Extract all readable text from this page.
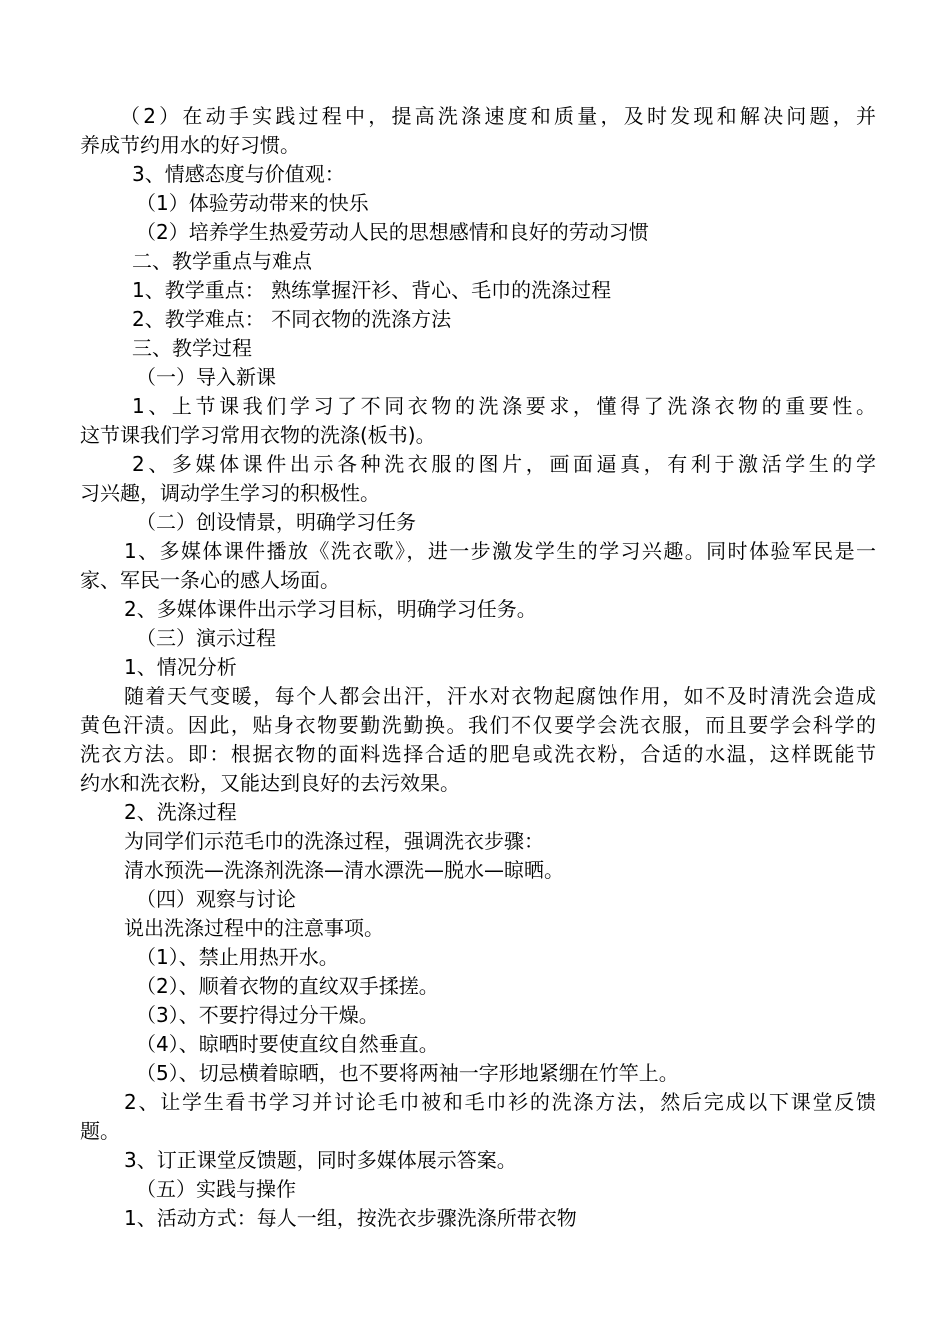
（2）在动手实践过程中，提高洗涤速度和质量，及时发现和解决问题，并
养成节约用水的好习惯。
3、情感态度与价值观：
（1）体验劳动带来的快乐
（2）培养学生热爱劳动人民的思想感情和良好的劳动习惯
二、教学重点与难点
1、教学重点： 熟练掌握汗衫、背心、毛巾的洗涤过程
2、教学难点： 不同衣物的洗涤方法
三、教学过程
（一）导入新课
1、上节课我们学习了不同衣物的洗涤要求，懂得了洗涤衣物的重要性。
这节课我们学习常用衣物的洗涤(板书)。
2、多媒体课件出示各种洗衣服的图片，画面逼真，有利于激活学生的学
习兴趣，调动学生学习的积极性。
（二）创设情景，明确学习任务
1、多媒体课件播放《洗衣歌》，进一步激发学生的学习兴趣。同时体验军民是一
家、军民一条心的感人场面。
2、多媒体课件出示学习目标，明确学习任务。
（三）演示过程
1、情况分析
随着天气变暖，每个人都会出汗，汗水对衣物起腐蚀作用，如不及时清洗会造成
黄色汗渍。因此，贴身衣物要勤洗勤换。我们不仅要学会洗衣服，而且要学会科学的
洗衣方法。即：根据衣物的面料选择合适的肥皂或洗衣粉，合适的水温，这样既能节
约水和洗衣粉，又能达到良好的去污效果。
2、洗涤过程
为同学们示范毛巾的洗涤过程，强调洗衣步骤：
清水预洗—洗涤剂洗涤—清水漂洗—脱水—晾晒。
（四）观察与讨论
说出洗涤过程中的注意事项。
（1）、禁止用热开水。
（2）、顺着衣物的直纹双手揉搓。
（3）、不要拧得过分干燥。
（4）、晾晒时要使直纹自然垂直。
（5）、切忌横着晾晒，也不要将两袖一字形地紧绷在竹竿上。
2、让学生看书学习并讨论毛巾被和毛巾衫的洗涤方法，然后完成以下课堂反馈
题。
3、订正课堂反馈题，同时多媒体展示答案。
（五）实践与操作
1、活动方式：每人一组，按洗衣步骤洗涤所带衣物
